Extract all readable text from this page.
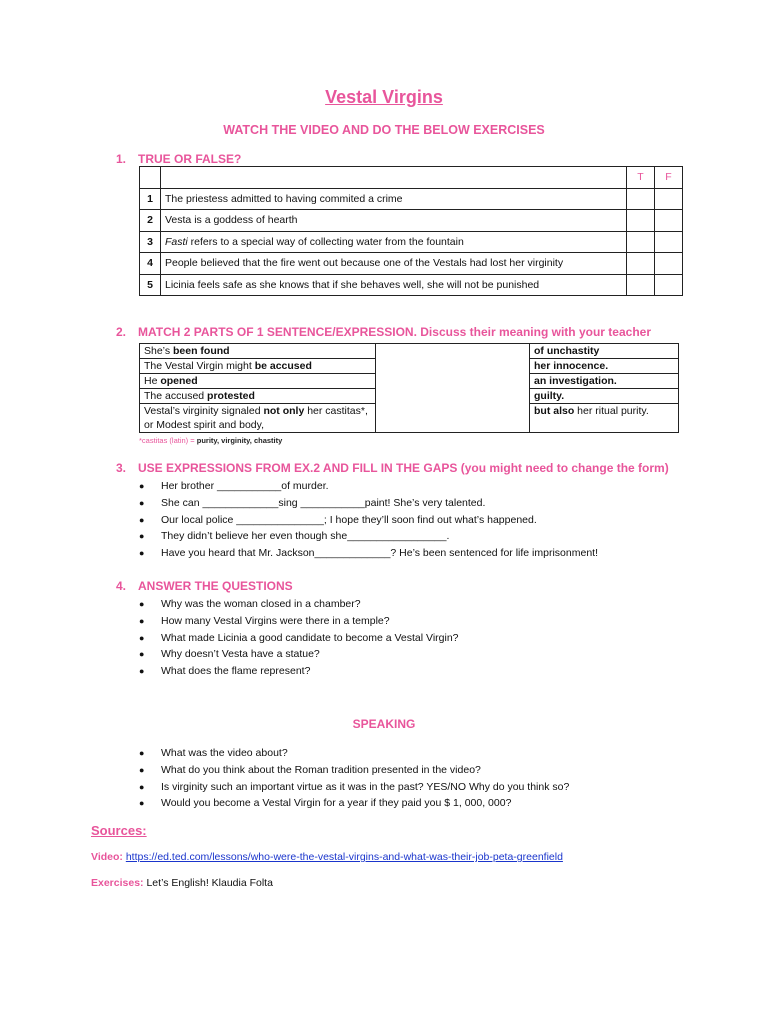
Vestal Virgins
WATCH THE VIDEO AND DO THE BELOW EXERCISES
1. TRUE OR FALSE?
		T	F
1	The priestess admitted to having commited a crime		
2	Vesta is a goddess of hearth		
3	Fasti refers to a special way of collecting water from the fountain		
4	People believed that the fire went out because one of the Vestals had lost her virginity		
5	Licinia feels safe as she knows that if she behaves well, she will not be punished		
2. MATCH 2 PARTS OF 1 SENTENCE/EXPRESSION. Discuss their meaning with your teacher
She’s been found		of unchastity
The Vestal Virgin might be accused		her innocence.
He opened		an investigation.
The accused protested		guilty.
Vestal’s virginity signaled not only her castitas*, or Modest spirit and body,		but also her ritual purity.
*castitas (latin) = purity, virginity, chastity
3. USE EXPRESSIONS FROM EX.2 AND FILL IN THE GAPS (you might need to change the form)
● Her brother ___________of murder.
● She can _____________sing ___________paint! She’s very talented.
● Our local police _______________; I hope they’ll soon find out what’s happened.
● They didn’t believe her even though she_________________.
● Have you heard that Mr. Jackson_____________? He’s been sentenced for life imprisonment!
4. ANSWER THE QUESTIONS
● Why was the woman closed in a chamber?
● How many Vestal Virgins were there in a temple?
● What made Licinia a good candidate to become a Vestal Virgin?
● Why doesn’t Vesta have a statue?
● What does the flame represent?
SPEAKING
● What was the video about?
● What do you think about the Roman tradition presented in the video?
● Is virginity such an important virtue as it was in the past? YES/NO Why do you think so?
● Would you become a Vestal Virgin for a year if they paid you $ 1, 000, 000?
Sources:
Video: https://ed.ted.com/lessons/who-were-the-vestal-virgins-and-what-was-their-job-peta-greenfield
Exercises: Let’s English! Klaudia Folta
